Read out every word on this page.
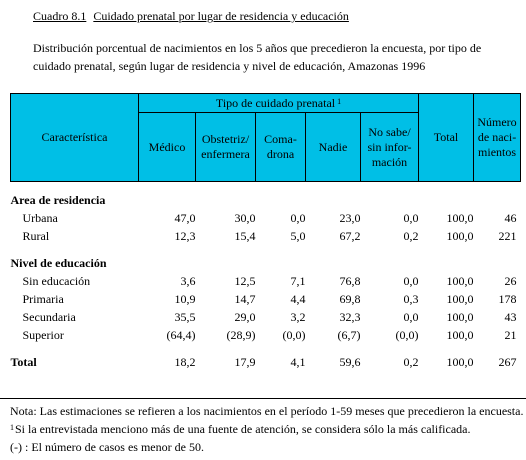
Cuadro 8.1 Cuidado prenatal por lugar de residencia y educación
Distribución porcentual de nacimientos en los 5 años que precedieron la encuesta, por tipo de cuidado prenatal, según lugar de residencia y nivel de educación, Amazonas 1996
Característica	Tipo de cuidado prenatal $^1$					Total	Número de naci- mientos
	Médico	Obstetriz/ enfermera	Coma- drona	Nadie	No sabe/ sin infor- mación		

Area de residencia							
Urbana	47,0	30,0	0,0	23,0	0,0	100,0	46
Rural	12,3	15,4	5,0	67,2	0,2	100,0	221

Nivel de educación							
Sin educación	3,6	12,5	7,1	76,8	0,0	100,0	26
Primaria	10,9	14,7	4,4	69,8	0,3	100,0	178
Secundaria	35,5	29,0	3,2	32,3	0,0	100,0	43
Superior	(64,4)	(28,9)	(0,0)	(6,7)	(0,0)	100,0	21

Total	18,2	17,9	4,1	59,6	0,2	100,0	267
Nota: Las estimaciones se refieren a los nacimientos en el período 1-59 meses que precedieron la encuesta.
$^1$Si la entrevistada menciono más de una fuente de atención, se considera sólo la más calificada.
(-) : El número de casos es menor de 50.
